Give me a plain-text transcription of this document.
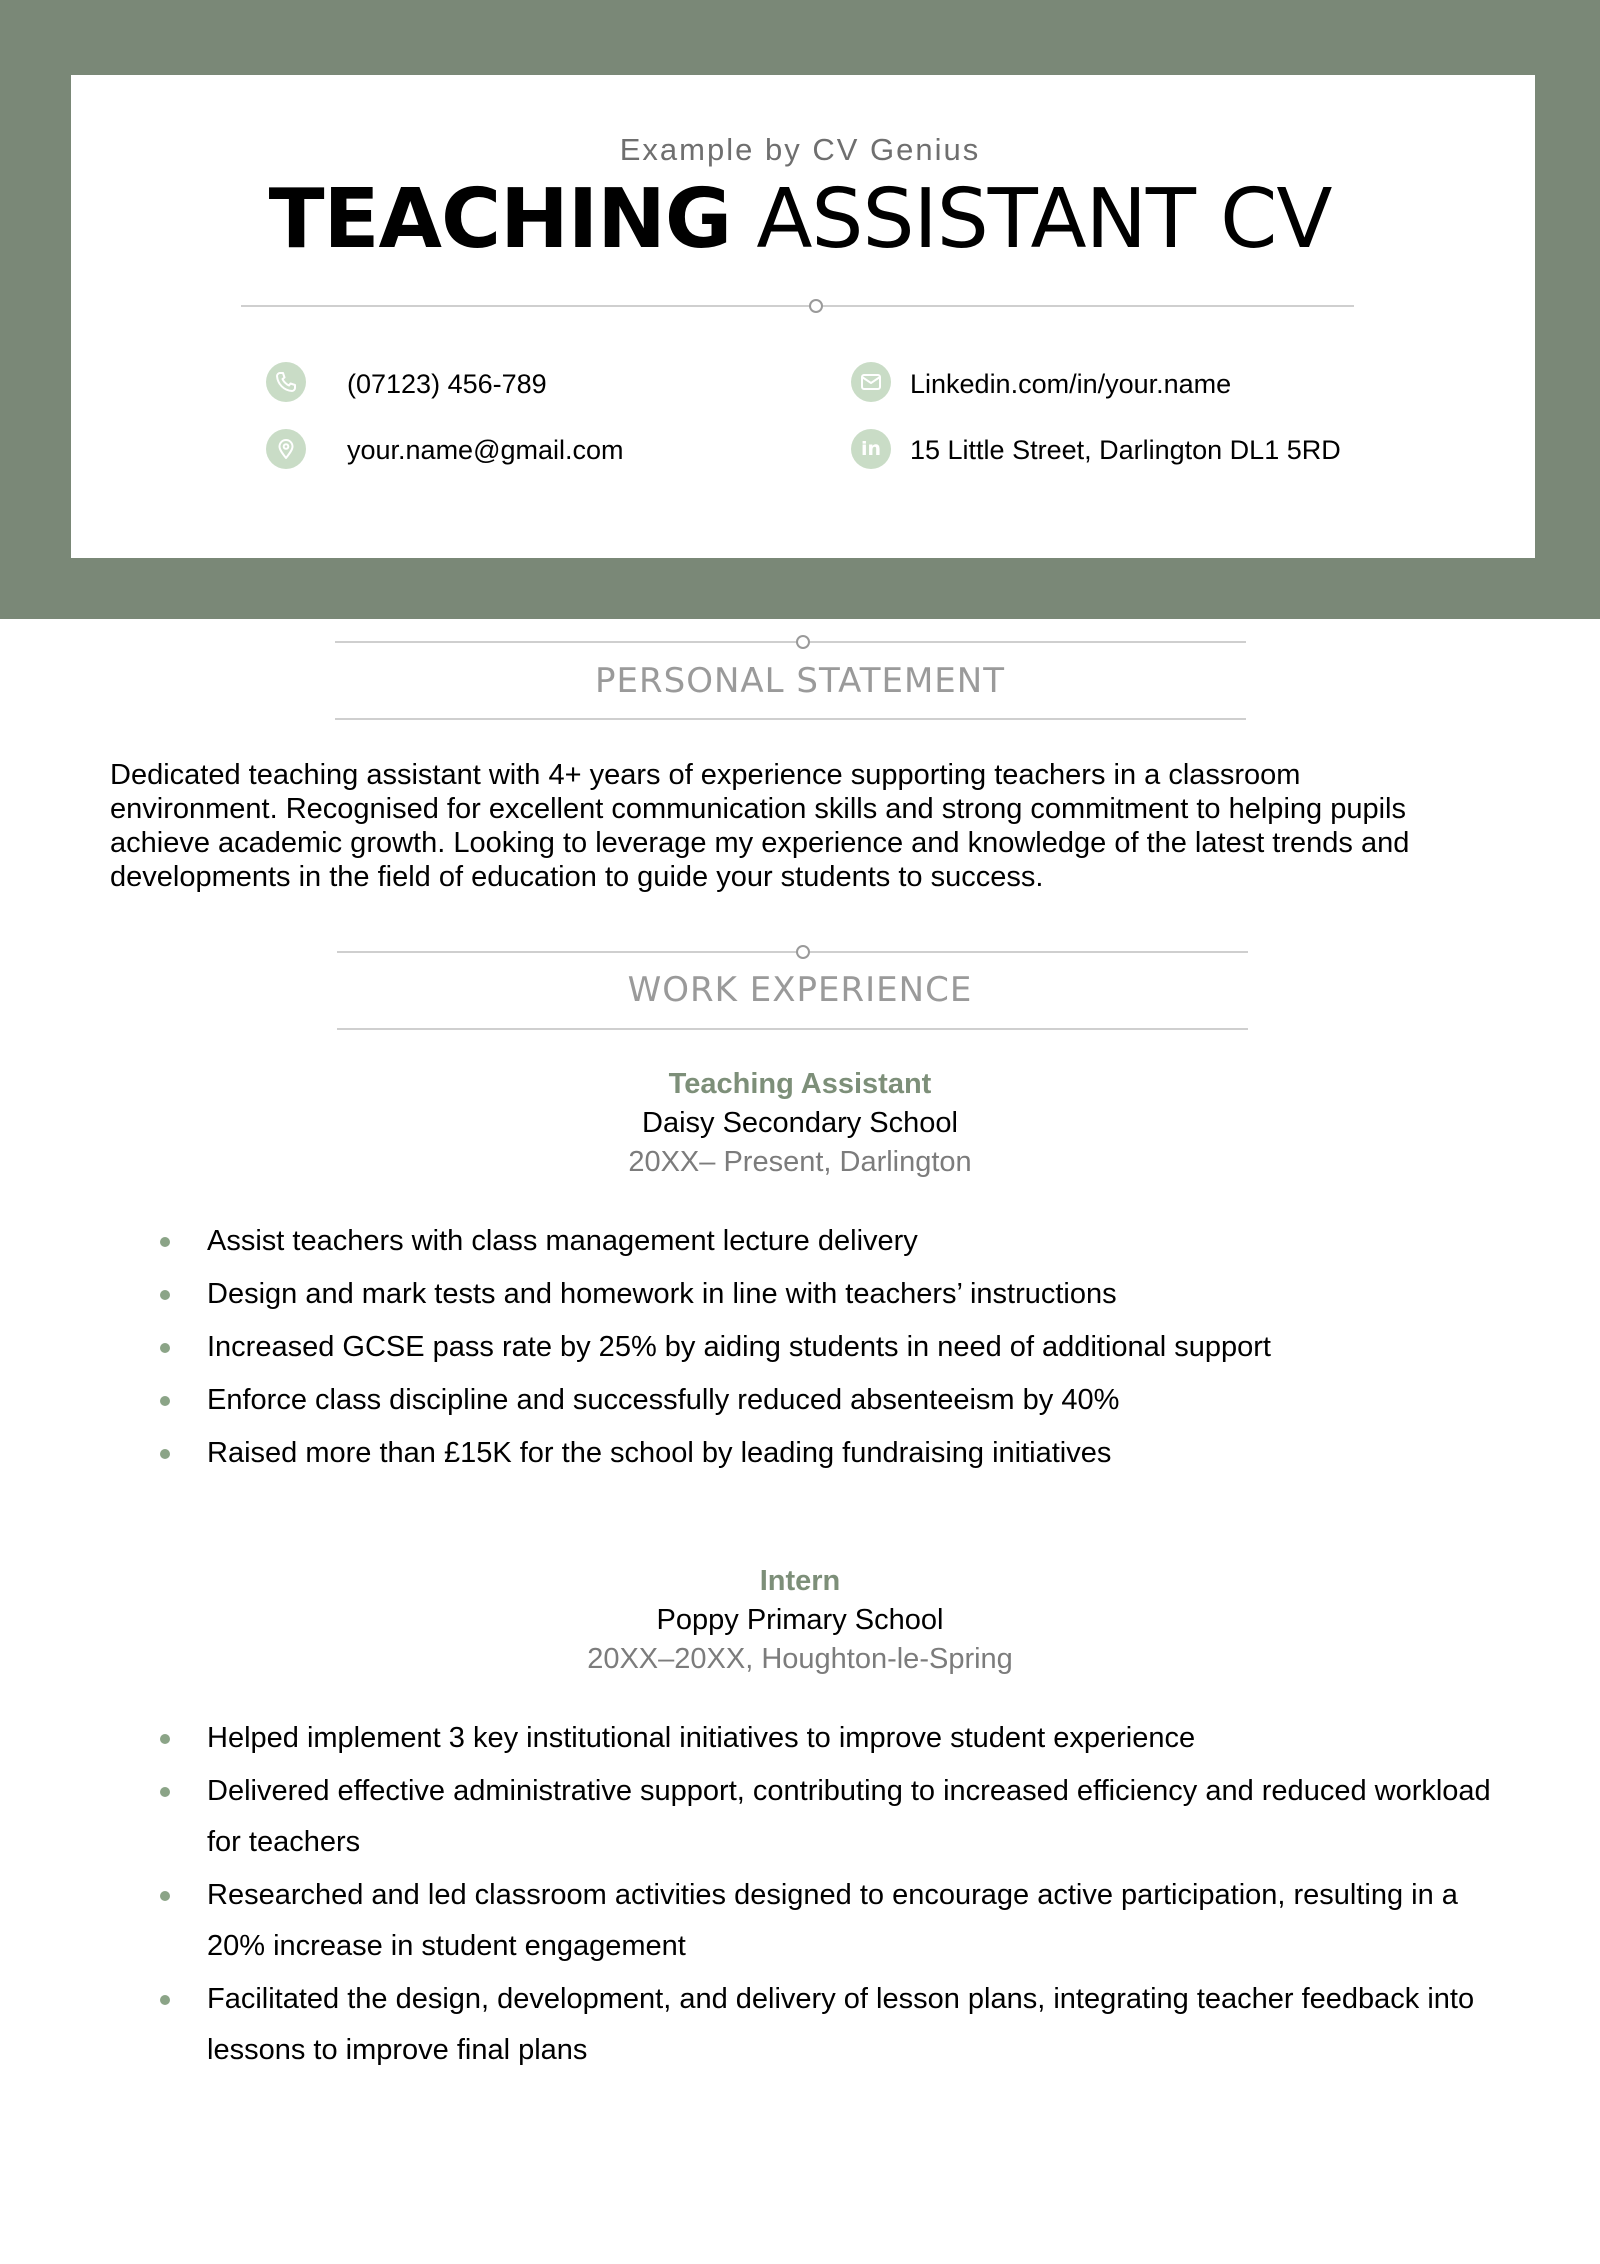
Example by CV Genius
TEACHING ASSISTANT CV
(07123) 456-789	Linkedin.com/in/your.name
your.name@gmail.com	in 15 Little Street, Darlington DL1 5RD
PERSONAL STATEMENT
Dedicated teaching assistant with 4+ years of experience supporting teachers in a classroom
environment. Recognised for excellent communication skills and strong commitment to helping pupils
achieve academic growth. Looking to leverage my experience and knowledge of the latest trends and
developments in the field of education to guide your students to success.
WORK EXPERIENCE
Teaching Assistant
Daisy Secondary School
20XX– Present, Darlington
Assist teachers with class management lecture delivery
Design and mark tests and homework in line with teachers’ instructions
Increased GCSE pass rate by 25% by aiding students in need of additional support
Enforce class discipline and successfully reduced absenteeism by 40%
Raised more than £15K for the school by leading fundraising initiatives
Intern
Poppy Primary School
20XX–20XX, Houghton-le-Spring
Helped implement 3 key institutional initiatives to improve student experience
Delivered effective administrative support, contributing to increased efficiency and reduced workload for teachers
Researched and led classroom activities designed to encourage active participation, resulting in a 20% increase in student engagement
Facilitated the design, development, and delivery of lesson plans, integrating teacher feedback into lessons to improve final plans
